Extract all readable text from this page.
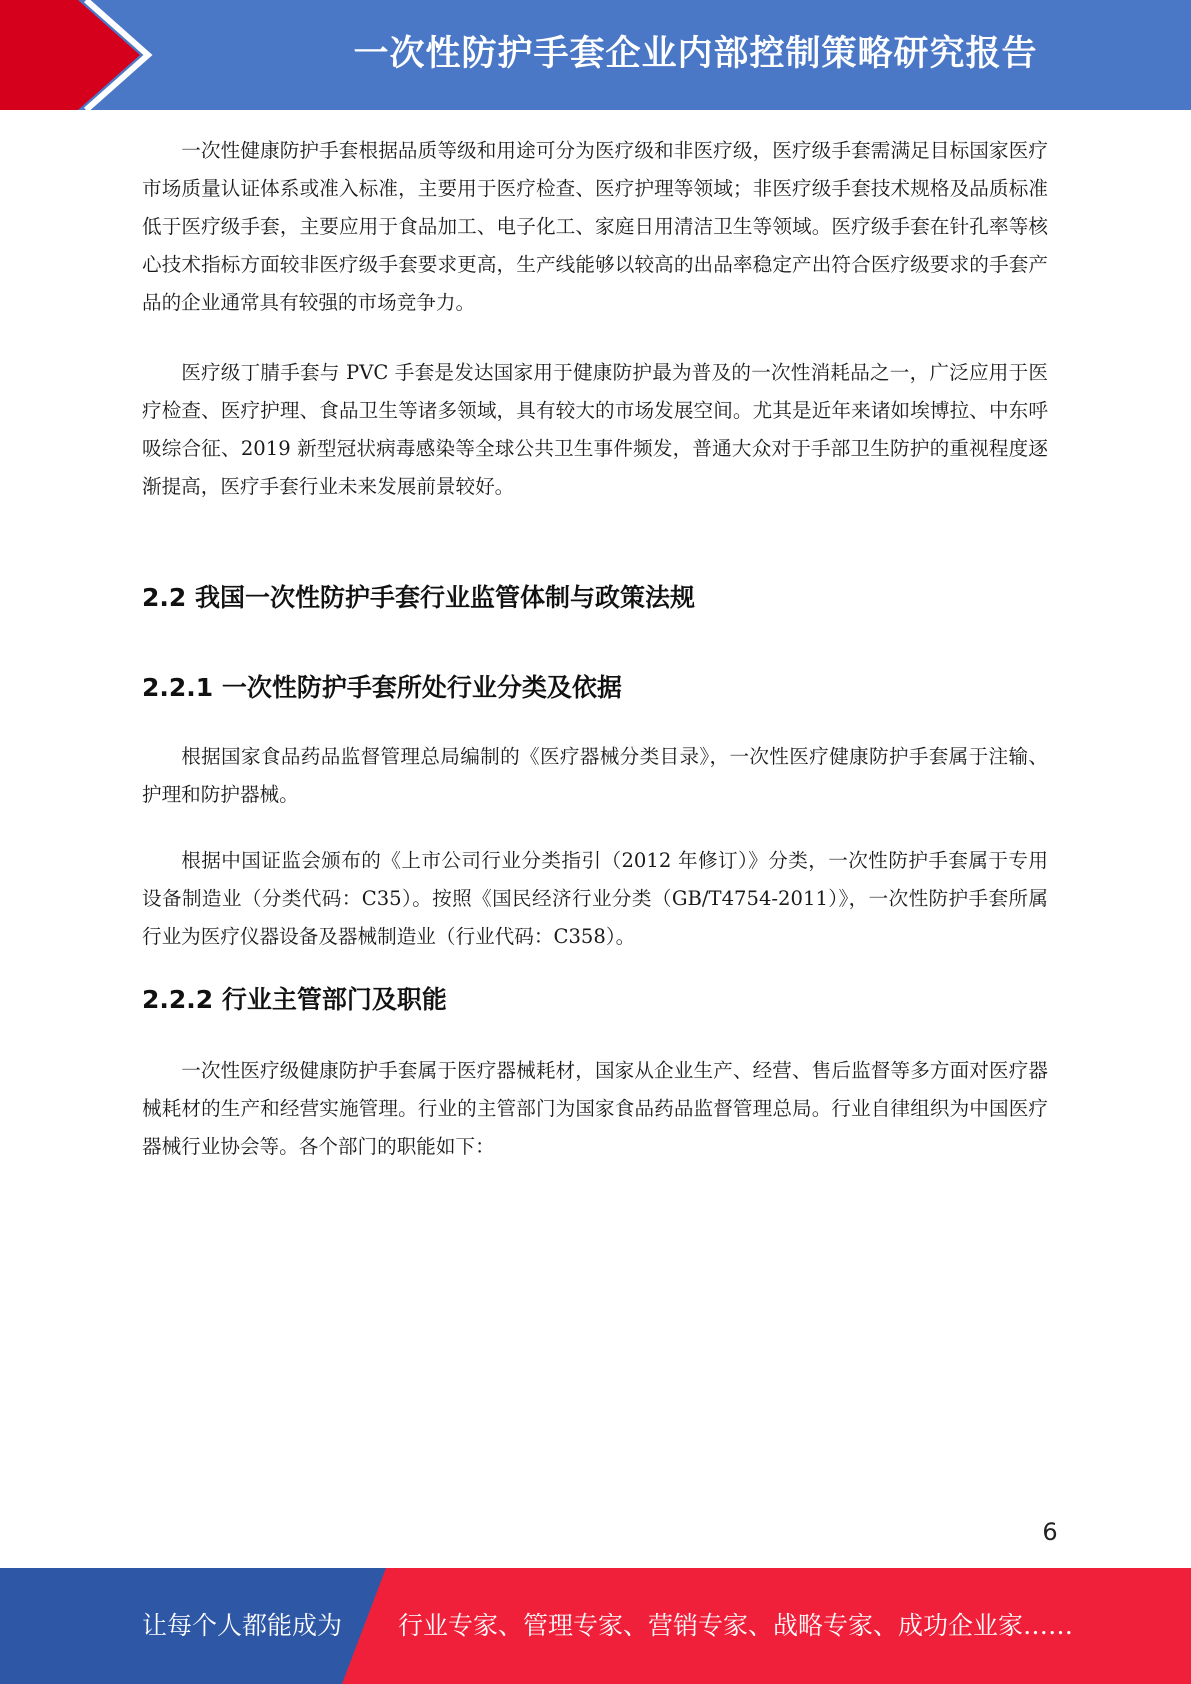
一次性防护手套企业内部控制策略研究报告

一次性健康防护手套根据品质等级和用途可分为医疗级和非医疗级，医疗级手套需满足目标国家医疗市场质量认证体系或准入标准，主要用于医疗检查、医疗护理等领域；非医疗级手套技术规格及品质标准低于医疗级手套，主要应用于食品加工、电子化工、家庭日用清洁卫生等领域。医疗级手套在针孔率等核心技术指标方面较非医疗级手套要求更高，生产线能够以较高的出品率稳定产出符合医疗级要求的手套产品的企业通常具有较强的市场竞争力。

医疗级丁腈手套与 PVC 手套是发达国家用于健康防护最为普及的一次性消耗品之一，广泛应用于医疗检查、医疗护理、食品卫生等诸多领域，具有较大的市场发展空间。尤其是近年来诸如埃博拉、中东呼吸综合征、2019 新型冠状病毒感染等全球公共卫生事件频发，普通大众对于手部卫生防护的重视程度逐渐提高，医疗手套行业未来发展前景较好。

2.2 我国一次性防护手套行业监管体制与政策法规
2.2.1 一次性防护手套所处行业分类及依据

根据国家食品药品监督管理总局编制的《医疗器械分类目录》，一次性医疗健康防护手套属于注输、护理和防护器械。

根据中国证监会颁布的《上市公司行业分类指引（2012 年修订）》分类，一次性防护手套属于专用设备制造业（分类代码：C35）。按照《国民经济行业分类（GB/T4754-2011）》，一次性防护手套所属行业为医疗仪器设备及器械制造业（行业代码：C358）。

2.2.2 行业主管部门及职能

一次性医疗级健康防护手套属于医疗器械耗材，国家从企业生产、经营、售后监督等多方面对医疗器械耗材的生产和经营实施管理。行业的主管部门为国家食品药品监督管理总局。行业自律组织为中国医疗器械行业协会等。各个部门的职能如下：

6
让每个人都能成为 行业专家、管理专家、营销专家、战略专家、成功企业家……
